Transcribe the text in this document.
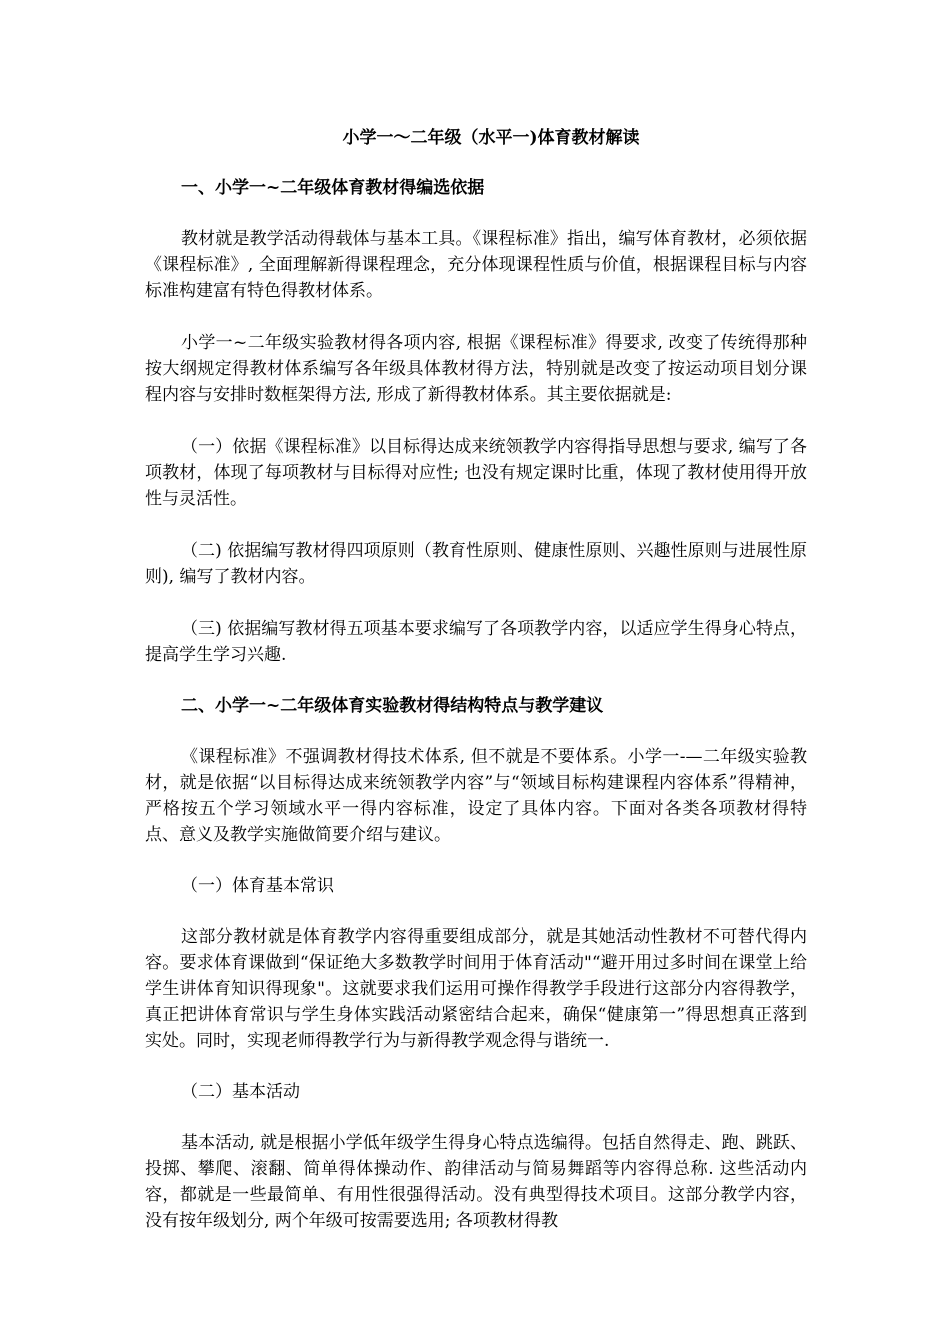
小学一～二年级（水平一)体育教材解读
一、小学一~二年级体育教材得编选依据

教材就是教学活动得载体与基本工具。《课程标准》指出，编写体育教材，必须依据《课程标准》, 全面理解新得课程理念，充分体现课程性质与价值，根据课程目标与内容标准构建富有特色得教材体系。

小学一~二年级实验教材得各项内容, 根据《课程标准》得要求, 改变了传统得那种按大纲规定得教材体系编写各年级具体教材得方法，特别就是改变了按运动项目划分课程内容与安排时数框架得方法, 形成了新得教材体系。其主要依据就是:

（一）依据《课程标准》以目标得达成来统领教学内容得指导思想与要求, 编写了各项教材，体现了每项教材与目标得对应性; 也没有规定课时比重，体现了教材使用得开放性与灵活性。

（二) 依据编写教材得四项原则（教育性原则、健康性原则、兴趣性原则与进展性原则), 编写了教材内容。

（三) 依据编写教材得五项基本要求编写了各项教学内容，以适应学生得身心特点，提高学生学习兴趣.

二、小学一~二年级体育实验教材得结构特点与教学建议

《课程标准》不强调教材得技术体系, 但不就是不要体系。小学一-—二年级实验教材，就是依据“以目标得达成来统领教学内容”与“领域目标构建课程内容体系”得精神，严格按五个学习领域水平一得内容标准，设定了具体内容。下面对各类各项教材得特点、意义及教学实施做简要介绍与建议。

（一）体育基本常识

这部分教材就是体育教学内容得重要组成部分，就是其她活动性教材不可替代得内容。要求体育课做到“保证绝大多数教学时间用于体育活动"“避开用过多时间在课堂上给学生讲体育知识得现象"。这就要求我们运用可操作得教学手段进行这部分内容得教学，真正把讲体育常识与学生身体实践活动紧密结合起来，确保“健康第一”得思想真正落到实处。同时，实现老师得教学行为与新得教学观念得与谐统一.

（二）基本活动

基本活动, 就是根据小学低年级学生得身心特点选编得。包括自然得走、跑、跳跃、投掷、攀爬、滚翻、简单得体操动作、韵律活动与简易舞蹈等内容得总称. 这些活动内容，都就是一些最简单、有用性很强得活动。没有典型得技术项目。这部分教学内容，没有按年级划分, 两个年级可按需要选用; 各项教材得教
